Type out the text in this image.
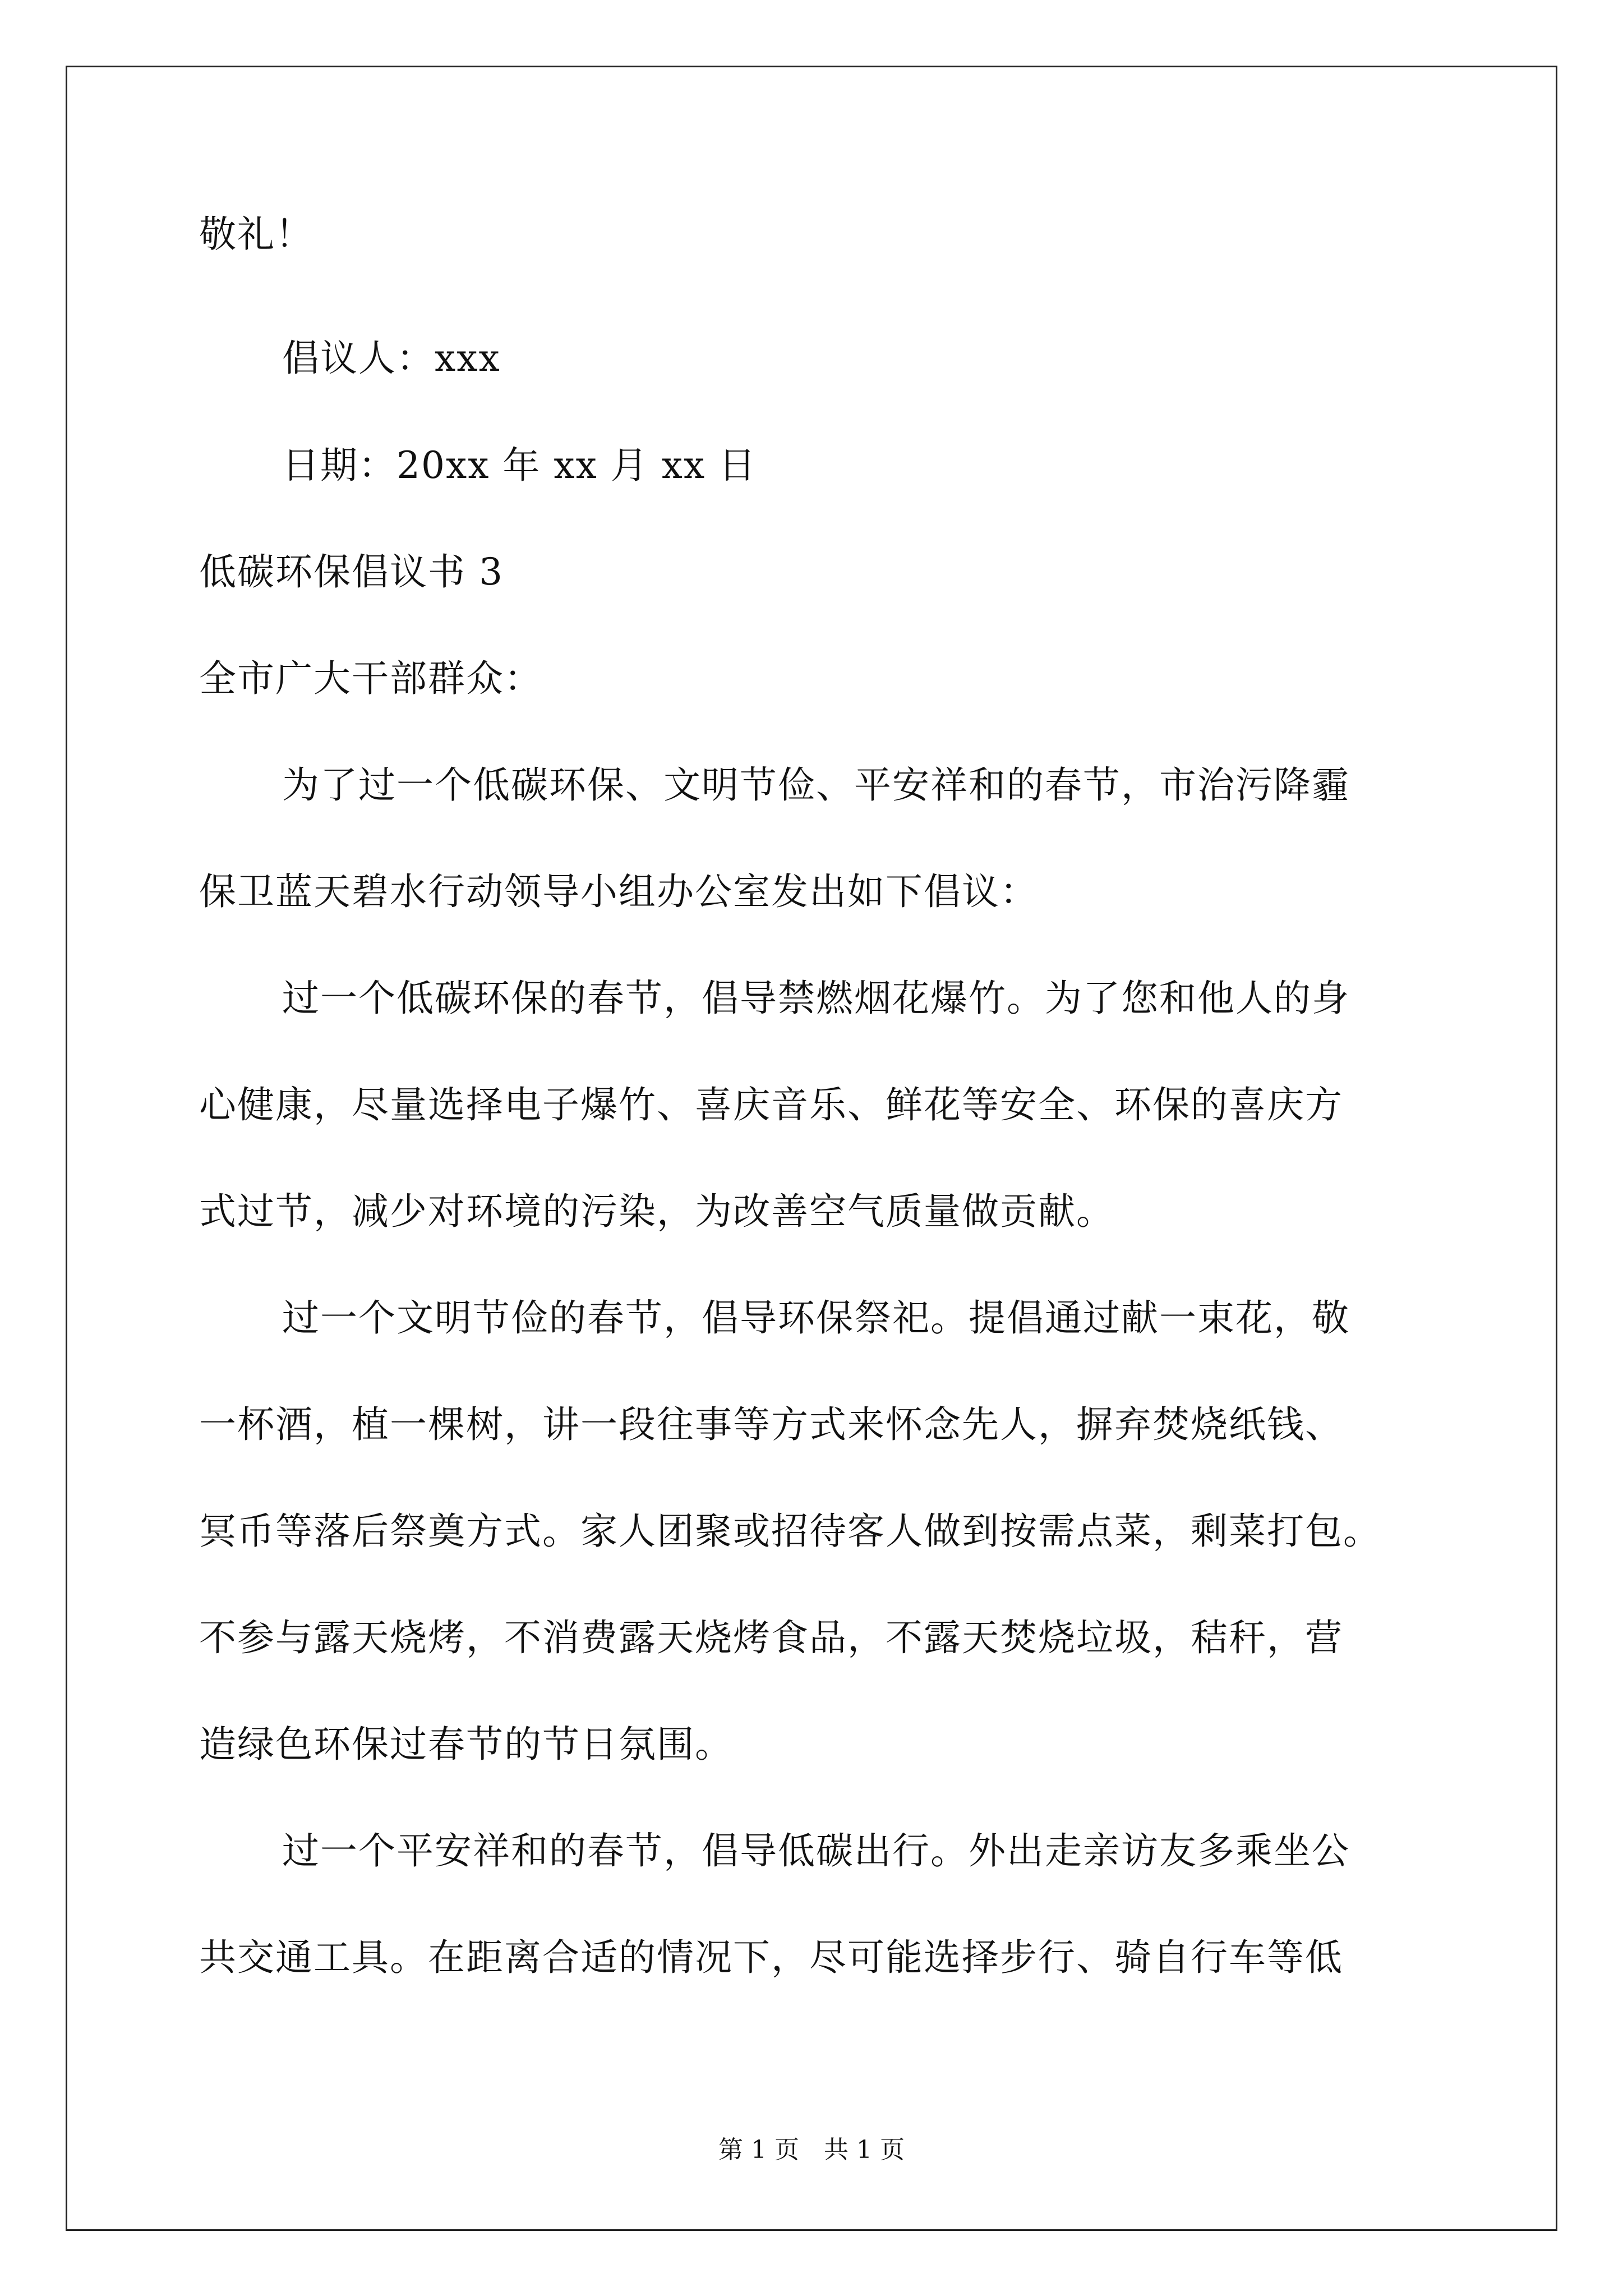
敬礼！
倡议人：xxx
日期：20xx 年 xx 月 xx 日
低碳环保倡议书 3
全市广大干部群众：
为了过一个低碳环保、文明节俭、平安祥和的春节，市治污降霾
保卫蓝天碧水行动领导小组办公室发出如下倡议：
过一个低碳环保的春节，倡导禁燃烟花爆竹。为了您和他人的身
心健康，尽量选择电子爆竹、喜庆音乐、鲜花等安全、环保的喜庆方
式过节，减少对环境的污染，为改善空气质量做贡献。
过一个文明节俭的春节，倡导环保祭祀。提倡通过献一束花，敬
一杯酒，植一棵树，讲一段往事等方式来怀念先人，摒弃焚烧纸钱、
冥币等落后祭奠方式。家人团聚或招待客人做到按需点菜，剩菜打包。
不参与露天烧烤，不消费露天烧烤食品，不露天焚烧垃圾，秸秆，营
造绿色环保过春节的节日氛围。
过一个平安祥和的春节，倡导低碳出行。外出走亲访友多乘坐公
共交通工具。在距离合适的情况下，尽可能选择步行、骑自行车等低
第 1 页　共 1 页
